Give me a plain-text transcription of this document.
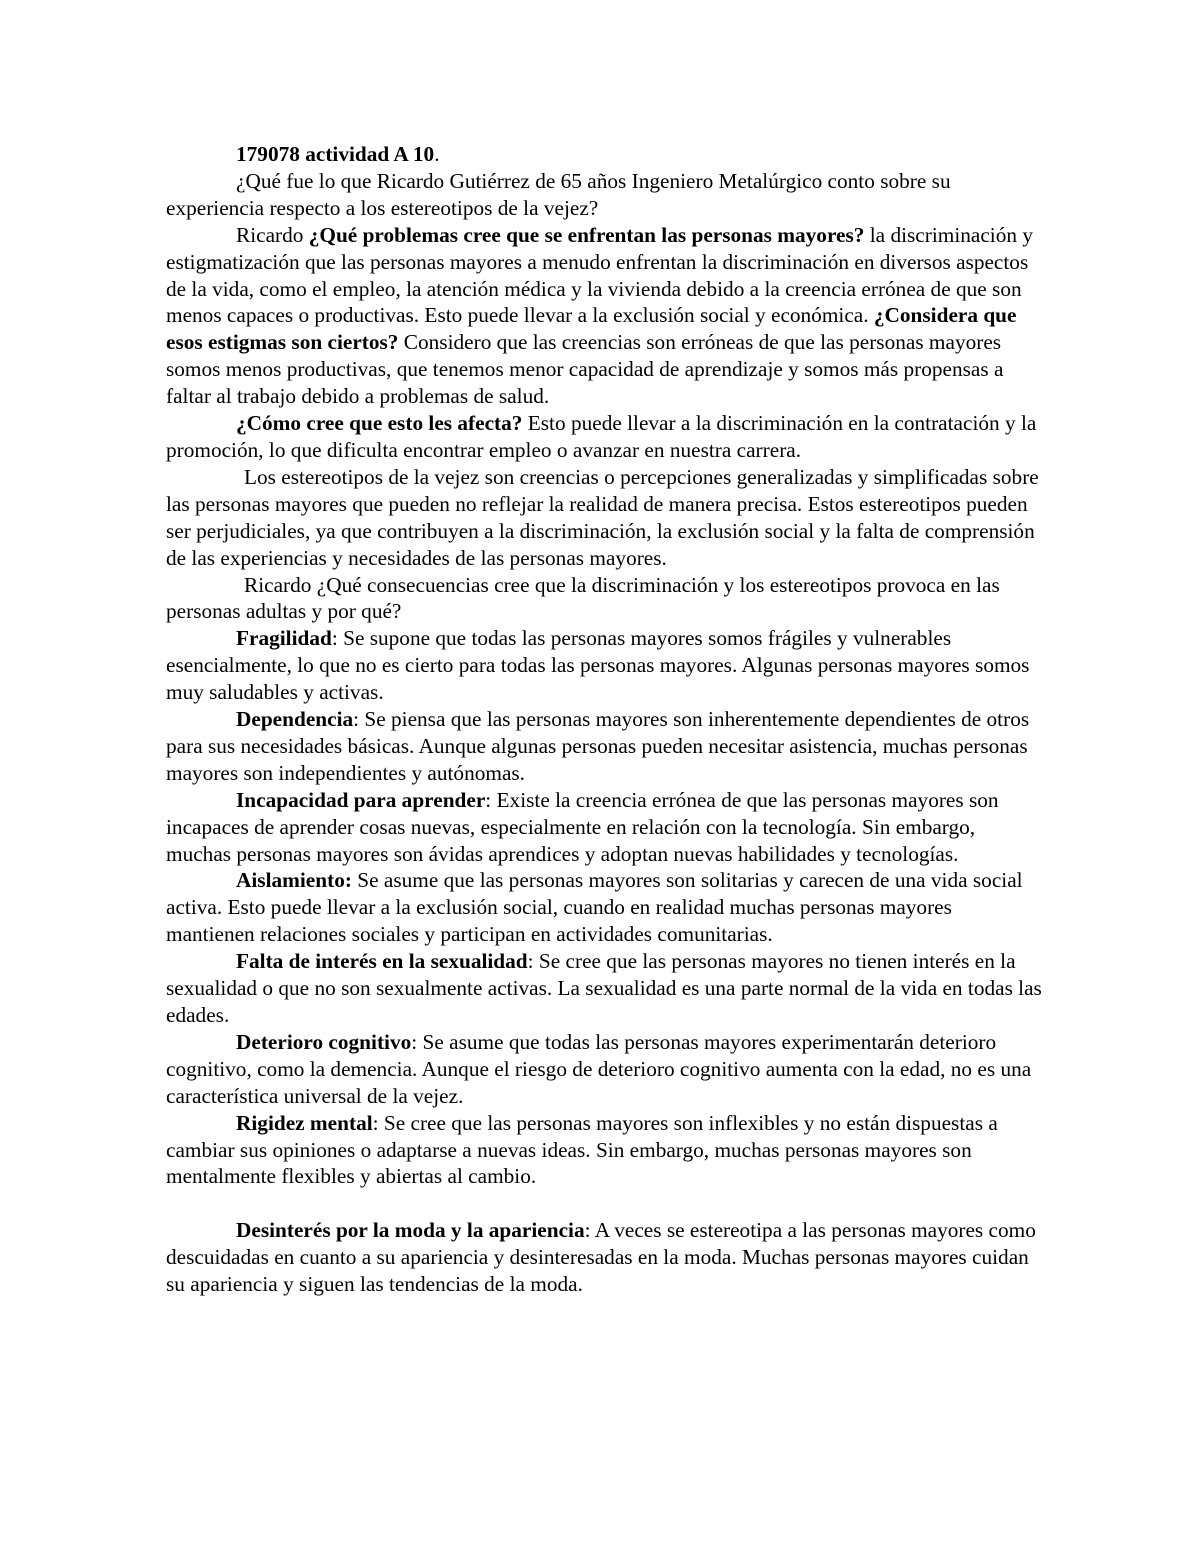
179078 actividad A 10.

¿Qué fue lo que Ricardo Gutiérrez de 65 años Ingeniero Metalúrgico conto sobre su experiencia respecto a los estereotipos de la vejez?

Ricardo ¿Qué problemas cree que se enfrentan las personas mayores? la discriminación y estigmatización que las personas mayores a menudo enfrentan la discriminación en diversos aspectos de la vida, como el empleo, la atención médica y la vivienda debido a la creencia errónea de que son menos capaces o productivas. Esto puede llevar a la exclusión social y económica. ¿Considera que esos estigmas son ciertos? Considero que las creencias son erróneas de que las personas mayores somos menos productivas, que tenemos menor capacidad de aprendizaje y somos más propensas a faltar al trabajo debido a problemas de salud.

¿Cómo cree que esto les afecta? Esto puede llevar a la discriminación en la contratación y la promoción, lo que dificulta encontrar empleo o avanzar en nuestra carrera.

Los estereotipos de la vejez son creencias o percepciones generalizadas y simplificadas sobre las personas mayores que pueden no reflejar la realidad de manera precisa. Estos estereotipos pueden ser perjudiciales, ya que contribuyen a la discriminación, la exclusión social y la falta de comprensión de las experiencias y necesidades de las personas mayores.

Ricardo ¿Qué consecuencias cree que la discriminación y los estereotipos provoca en las personas adultas y por qué?

Fragilidad: Se supone que todas las personas mayores somos frágiles y vulnerables esencialmente, lo que no es cierto para todas las personas mayores. Algunas personas mayores somos muy saludables y activas.

Dependencia: Se piensa que las personas mayores son inherentemente dependientes de otros para sus necesidades básicas. Aunque algunas personas pueden necesitar asistencia, muchas personas mayores son independientes y autónomas.

Incapacidad para aprender: Existe la creencia errónea de que las personas mayores son incapaces de aprender cosas nuevas, especialmente en relación con la tecnología. Sin embargo, muchas personas mayores son ávidas aprendices y adoptan nuevas habilidades y tecnologías.

Aislamiento: Se asume que las personas mayores son solitarias y carecen de una vida social activa. Esto puede llevar a la exclusión social, cuando en realidad muchas personas mayores mantienen relaciones sociales y participan en actividades comunitarias.

Falta de interés en la sexualidad: Se cree que las personas mayores no tienen interés en la sexualidad o que no son sexualmente activas. La sexualidad es una parte normal de la vida en todas las edades.

Deterioro cognitivo: Se asume que todas las personas mayores experimentarán deterioro cognitivo, como la demencia. Aunque el riesgo de deterioro cognitivo aumenta con la edad, no es una característica universal de la vejez.

Rigidez mental: Se cree que las personas mayores son inflexibles y no están dispuestas a cambiar sus opiniones o adaptarse a nuevas ideas. Sin embargo, muchas personas mayores son mentalmente flexibles y abiertas al cambio.

Desinterés por la moda y la apariencia: A veces se estereotipa a las personas mayores como descuidadas en cuanto a su apariencia y desinteresadas en la moda. Muchas personas mayores cuidan su apariencia y siguen las tendencias de la moda.
